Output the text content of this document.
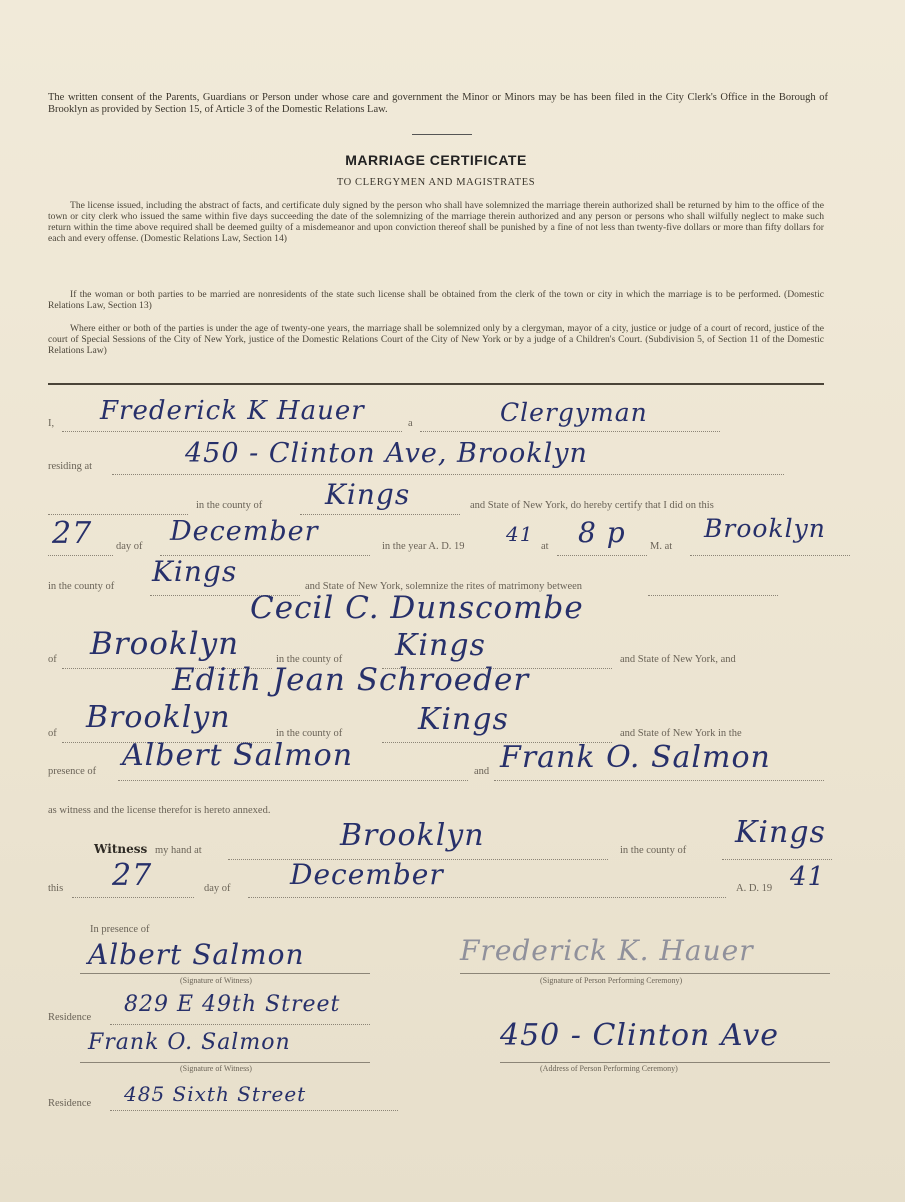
The written consent of the Parents, Guardians or Person under whose care and government the Minor or Minors may be has been filed in the City Clerk's Office in the Borough of Brooklyn as provided by Section 15, of Article 3 of the Domestic Relations Law.
MARRIAGE CERTIFICATE
TO CLERGYMEN AND MAGISTRATES
The license issued, including the abstract of facts, and certificate duly signed by the person who shall have solemnized the marriage therein authorized shall be returned by him to the office of the town or city clerk who issued the same within five days succeeding the date of the solemnizing of the marriage therein authorized and any person or persons who shall wilfully neglect to make such return within the time above required shall be deemed guilty of a misdemeanor and upon conviction thereof shall be punished by a fine of not less than twenty-five dollars or more than fifty dollars for each and every offense. (Domestic Relations Law, Section 14)
If the woman or both parties to be married are nonresidents of the state such license shall be obtained from the clerk of the town or city in which the marriage is to be performed. (Domestic Relations Law, Section 13)
Where either or both of the parties is under the age of twenty-one years, the marriage shall be solemnized only by a clergyman, mayor of a city, justice or judge of a court of record, justice of the court of Special Sessions of the City of New York, justice of the Domestic Relations Court of the City of New York or by a judge of a Children's Court. (Subdivision 5, of Section 11 of the Domestic Relations Law)
I, Frederick K Hauer	a	Clergyman
residing at	450 - Clinton Ave, Brooklyn
in the county of Kings	and State of New York, do hereby certify that I did on this
27 day of December	in the year A. D. 19
41
at 8 p M. at
Brooklyn
in the county of Kings	and State of New York, solemnize the rites of matrimony between
Cecil C. Dunscombe
of Brooklyn	in the county of Kings	and State of New York, and
Edith Jean Schroeder
of Brooklyn	in the county of	Kings	and State of New York in the
presence of Albert Salmon	and Frank O. Salmon
as witness and the license therefor is hereto annexed.
Witness my hand at	Brooklyn	in the county of
Kings
this 27	day of December	A. D. 19 41
In presence of
Albert Salmon
(Signature of Witness)
Frederick K. Hauer
(Signature of Person Performing Ceremony)
Residence
829 E 49th Street
Frank O. Salmon
(Signature of Witness)
450 - Clinton Ave
(Address of Person Performing Ceremony)
Residence 485 Sixth Street
